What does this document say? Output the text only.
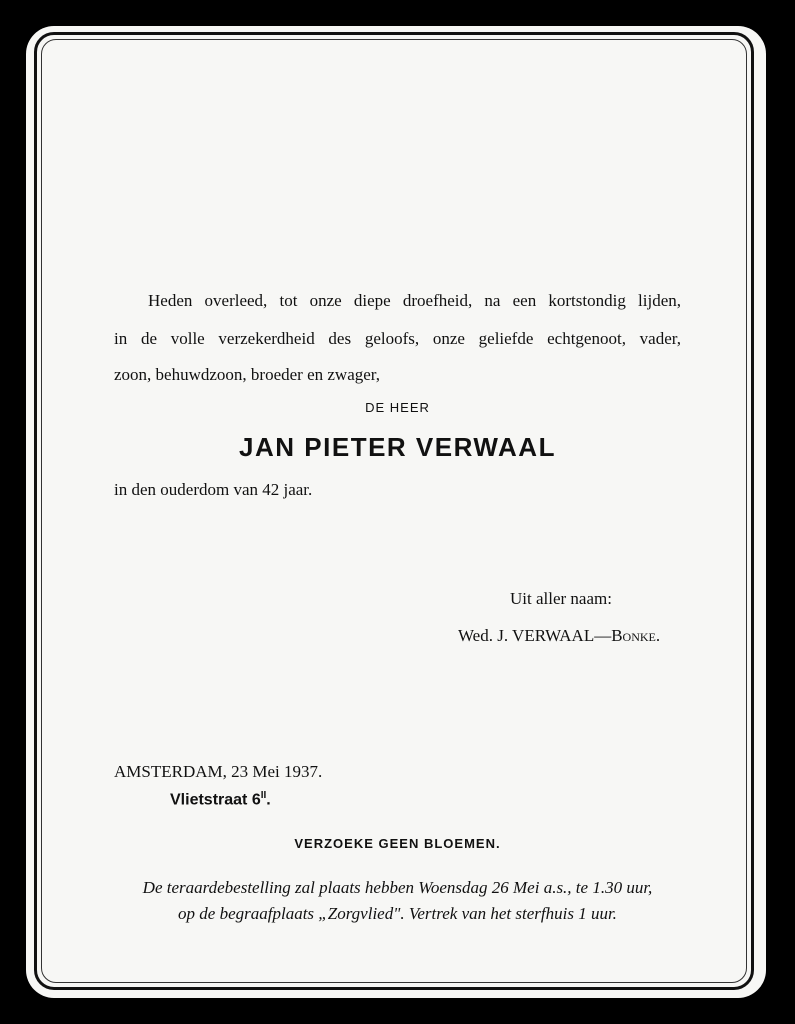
Heden overleed, tot onze diepe droefheid, na een kortstondig lijden,
in de volle verzekerdheid des geloofs, onze geliefde echtgenoot, vader,
zoon, behuwdzoon, broeder en zwager,
DE HEER
JAN PIETER VERWAAL
in den ouderdom van 42 jaar.
Uit aller naam:
Wed. J. VERWAAL—Bonke.
AMSTERDAM, 23 Mei 1937.
Vlietstraat $6^{II}$.
VERZOEKE GEEN BLOEMEN.
De teraardebestelling zal plaats hebben Woensdag 26 Mei a.s., te 1.30 uur,
op de begraafplaats „Zorgvlied". Vertrek van het sterfhuis 1 uur.
